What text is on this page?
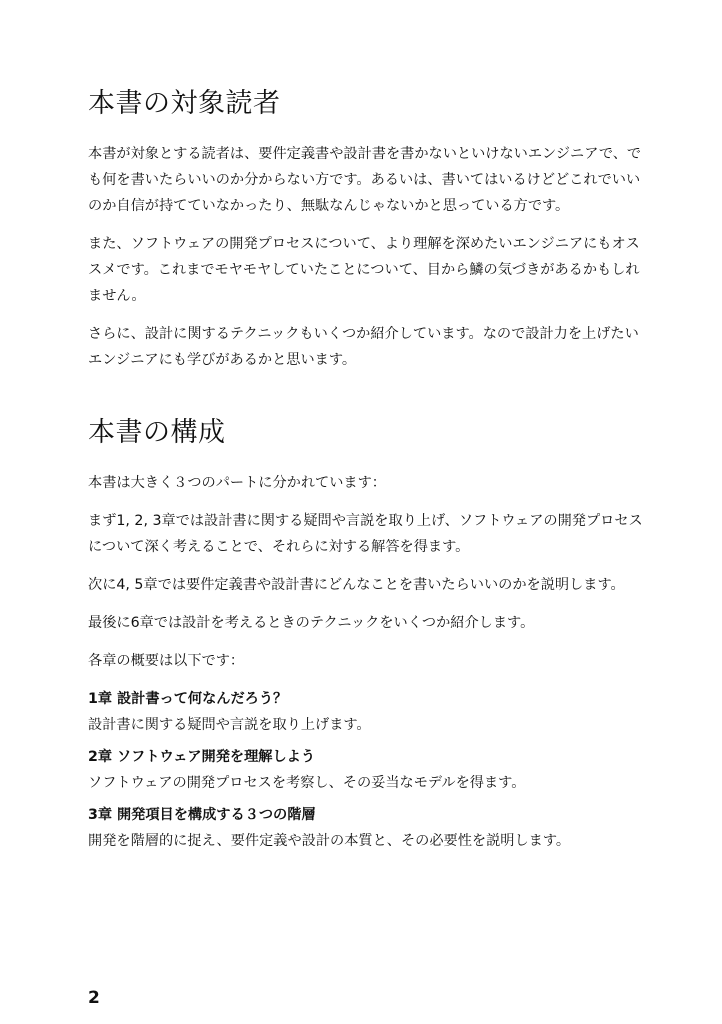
本書の対象読者

本書が対象とする読者は、要件定義書や設計書を書かないといけないエンジニアで、でも何を書いたらいいのか分からない方です。あるいは、書いてはいるけどどこれでいいのか自信が持てていなかったり、無駄なんじゃないかと思っている方です。

また、ソフトウェアの開発プロセスについて、より理解を深めたいエンジニアにもオススメです。これまでモヤモヤしていたことについて、目から鱗の気づきがあるかもしれません。

さらに、設計に関するテクニックもいくつか紹介しています。なので設計力を上げたいエンジニアにも学びがあるかと思います。

本書の構成

本書は大きく３つのパートに分かれています：

まず1, 2, 3章では設計書に関する疑問や言説を取り上げ、ソフトウェアの開発プロセスについて深く考えることで、それらに対する解答を得ます。

次に4, 5章では要件定義書や設計書にどんなことを書いたらいいのかを説明します。

最後に6章では設計を考えるときのテクニックをいくつか紹介します。

各章の概要は以下です：

1章 設計書って何なんだろう？
設計書に関する疑問や言説を取り上げます。
2章 ソフトウェア開発を理解しよう
ソフトウェアの開発プロセスを考察し、その妥当なモデルを得ます。
3章 開発項目を構成する３つの階層
開発を階層的に捉え、要件定義や設計の本質と、その必要性を説明します。
2
